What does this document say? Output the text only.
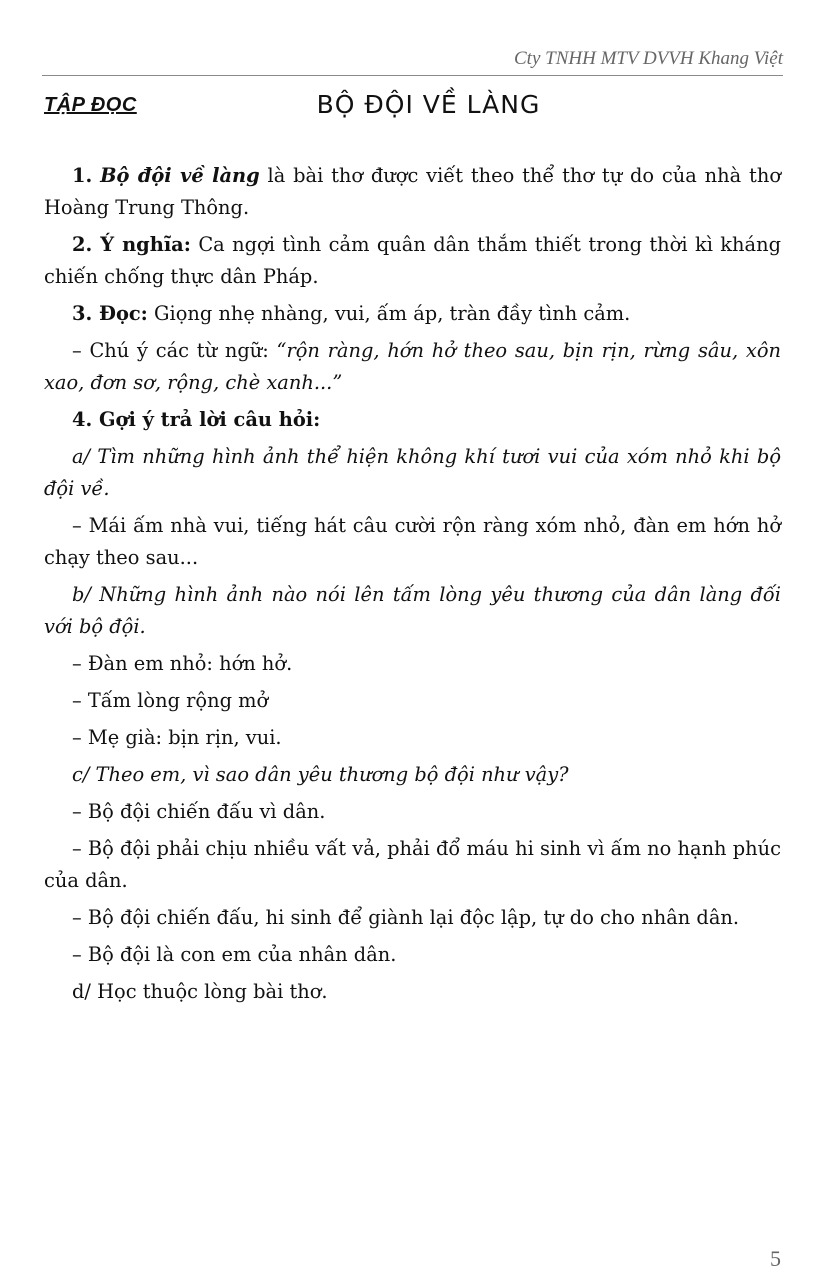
Cty TNHH MTV DVVH Khang Việt
TẬP ĐỌC	BỘ ĐỘI VỀ LÀNG

1. Bộ đội về làng là bài thơ được viết theo thể thơ tự do của nhà thơ Hoàng Trung Thông.

2. Ý nghĩa: Ca ngợi tình cảm quân dân thắm thiết trong thời kì kháng chiến chống thực dân Pháp.

3. Đọc: Giọng nhẹ nhàng, vui, ấm áp, tràn đầy tình cảm.

– Chú ý các từ ngữ: “rộn ràng, hớn hở theo sau, bịn rịn, rừng sâu, xôn xao, đơn sơ, rộng, chè xanh...”

4. Gợi ý trả lời câu hỏi:

a/ Tìm những hình ảnh thể hiện không khí tươi vui của xóm nhỏ khi bộ đội về.

– Mái ấm nhà vui, tiếng hát câu cười rộn ràng xóm nhỏ, đàn em hớn hở chạy theo sau...

b/ Những hình ảnh nào nói lên tấm lòng yêu thương của dân làng đối với bộ đội.

– Đàn em nhỏ: hớn hở.

– Tấm lòng rộng mở

– Mẹ già: bịn rịn, vui.

c/ Theo em, vì sao dân yêu thương bộ đội như vậy?

– Bộ đội chiến đấu vì dân.

– Bộ đội phải chịu nhiều vất vả, phải đổ máu hi sinh vì ấm no hạnh phúc của dân.

– Bộ đội chiến đấu, hi sinh để giành lại độc lập, tự do cho nhân dân.

– Bộ đội là con em của nhân dân.

d/ Học thuộc lòng bài thơ.

5
